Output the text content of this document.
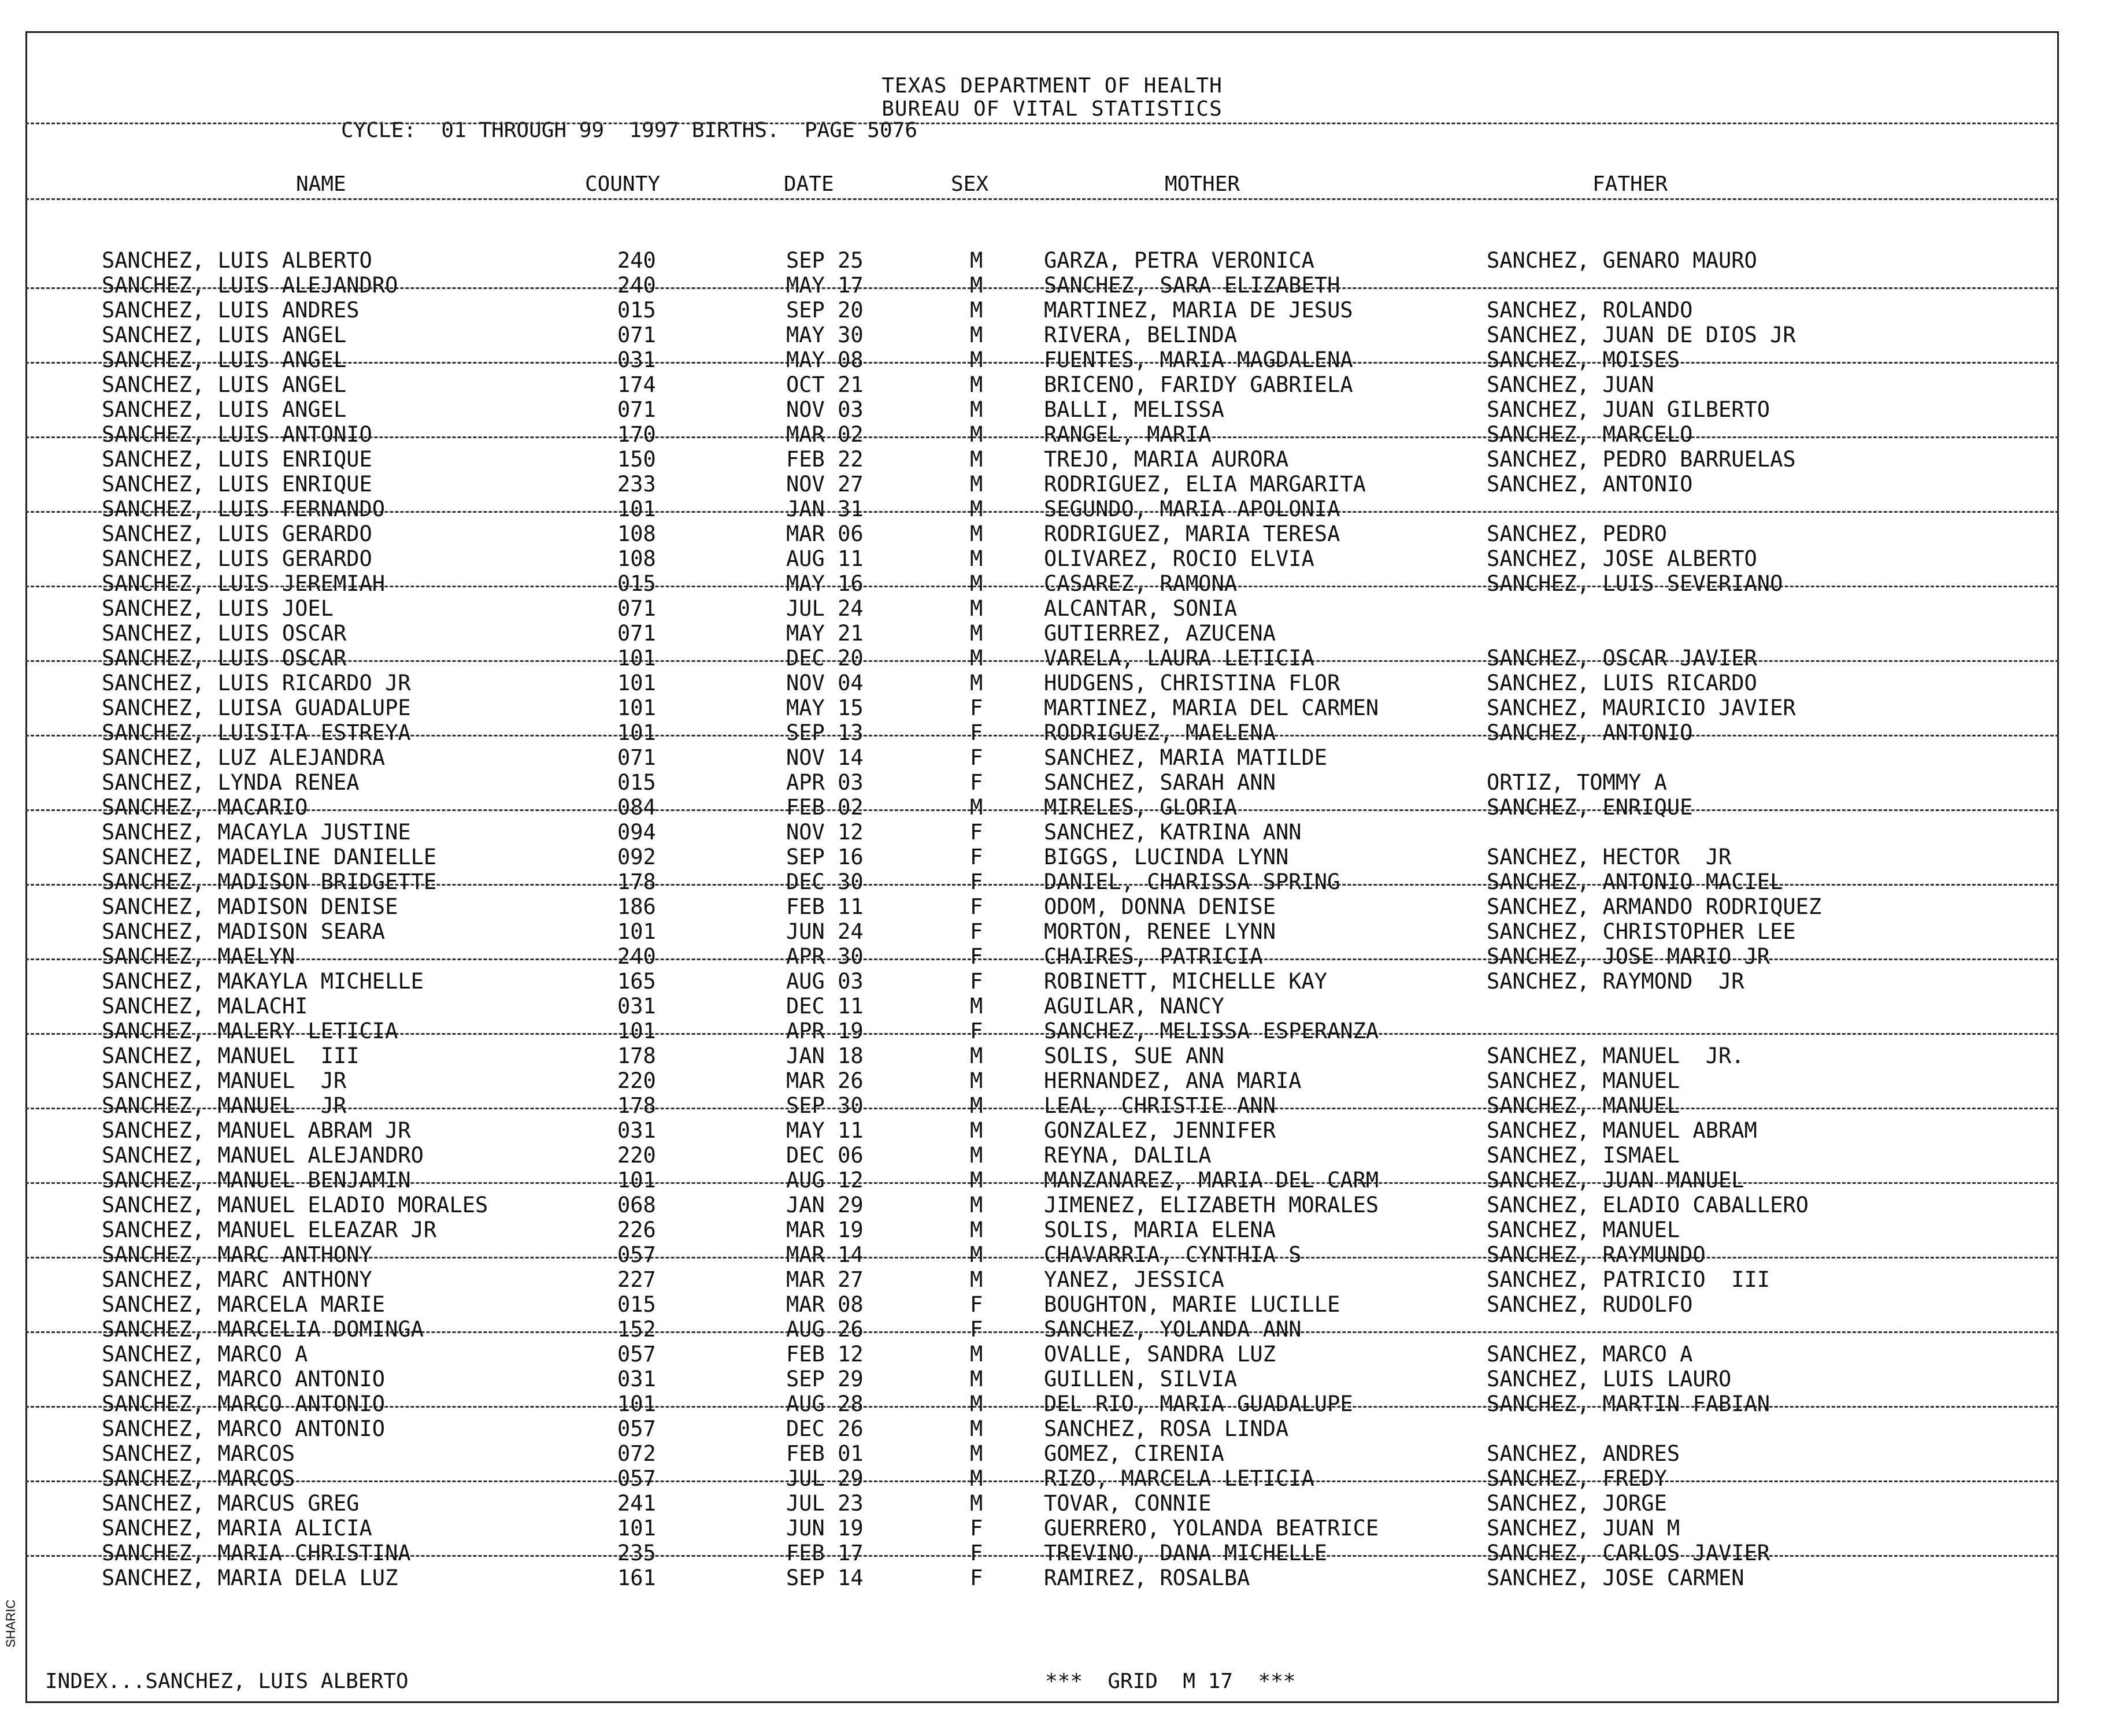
TEXAS DEPARTMENT OF HEALTH
BUREAU OF VITAL STATISTICS
CYCLE:  01 THROUGH 99  1997 BIRTHS.  PAGE 5076
NAME	COUNTY	DATE	SEX	MOTHER	FATHER
SANCHEZ, LUIS ALBERTO	240	SEP 25	M	GARZA, PETRA VERONICA	SANCHEZ, GENARO MAURO
SANCHEZ, LUIS ALEJANDRO	240	MAY 17	M	SANCHEZ, SARA ELIZABETH
SANCHEZ, LUIS ANDRES	015	SEP 20	M	MARTINEZ, MARIA DE JESUS	SANCHEZ, ROLANDO
SANCHEZ, LUIS ANGEL	071	MAY 30	M	RIVERA, BELINDA	SANCHEZ, JUAN DE DIOS JR
SANCHEZ, LUIS ANGEL	031	MAY 08	M	FUENTES, MARIA MAGDALENA	SANCHEZ, MOISES
SANCHEZ, LUIS ANGEL	174	OCT 21	M	BRICENO, FARIDY GABRIELA	SANCHEZ, JUAN
SANCHEZ, LUIS ANGEL	071	NOV 03	M	BALLI, MELISSA	SANCHEZ, JUAN GILBERTO
SANCHEZ, LUIS ANTONIO	170	MAR 02	M	RANGEL, MARIA	SANCHEZ, MARCELO
SANCHEZ, LUIS ENRIQUE	150	FEB 22	M	TREJO, MARIA AURORA	SANCHEZ, PEDRO BARRUELAS
SANCHEZ, LUIS ENRIQUE	233	NOV 27	M	RODRIGUEZ, ELIA MARGARITA	SANCHEZ, ANTONIO
SANCHEZ, LUIS FERNANDO	101	JAN 31	M	SEGUNDO, MARIA APOLONIA
SANCHEZ, LUIS GERARDO	108	MAR 06	M	RODRIGUEZ, MARIA TERESA	SANCHEZ, PEDRO
SANCHEZ, LUIS GERARDO	108	AUG 11	M	OLIVAREZ, ROCIO ELVIA	SANCHEZ, JOSE ALBERTO
SANCHEZ, LUIS JEREMIAH	015	MAY 16	M	CASAREZ, RAMONA	SANCHEZ, LUIS SEVERIANO
SANCHEZ, LUIS JOEL	071	JUL 24	M	ALCANTAR, SONIA
SANCHEZ, LUIS OSCAR	071	MAY 21	M	GUTIERREZ, AZUCENA
SANCHEZ, LUIS OSCAR	101	DEC 20	M	VARELA, LAURA LETICIA	SANCHEZ, OSCAR JAVIER
SANCHEZ, LUIS RICARDO JR	101	NOV 04	M	HUDGENS, CHRISTINA FLOR	SANCHEZ, LUIS RICARDO
SANCHEZ, LUISA GUADALUPE	101	MAY 15	F	MARTINEZ, MARIA DEL CARMEN	SANCHEZ, MAURICIO JAVIER
SANCHEZ, LUISITA ESTREYA	101	SEP 13	F	RODRIGUEZ, MAELENA	SANCHEZ, ANTONIO
SANCHEZ, LUZ ALEJANDRA	071	NOV 14	F	SANCHEZ, MARIA MATILDE
SANCHEZ, LYNDA RENEA	015	APR 03	F	SANCHEZ, SARAH ANN	ORTIZ, TOMMY A
SANCHEZ, MACARIO	084	FEB 02	M	MIRELES, GLORIA	SANCHEZ, ENRIQUE
SANCHEZ, MACAYLA JUSTINE	094	NOV 12	F	SANCHEZ, KATRINA ANN
SANCHEZ, MADELINE DANIELLE	092	SEP 16	F	BIGGS, LUCINDA LYNN	SANCHEZ, HECTOR  JR
SANCHEZ, MADISON BRIDGETTE	178	DEC 30	F	DANIEL, CHARISSA SPRING	SANCHEZ, ANTONIO MACIEL
SANCHEZ, MADISON DENISE	186	FEB 11	F	ODOM, DONNA DENISE	SANCHEZ, ARMANDO RODRIQUEZ
SANCHEZ, MADISON SEARA	101	JUN 24	F	MORTON, RENEE LYNN	SANCHEZ, CHRISTOPHER LEE
SANCHEZ, MAELYN	240	APR 30	F	CHAIRES, PATRICIA	SANCHEZ, JOSE MARIO JR
SANCHEZ, MAKAYLA MICHELLE	165	AUG 03	F	ROBINETT, MICHELLE KAY	SANCHEZ, RAYMOND  JR
SANCHEZ, MALACHI	031	DEC 11	M	AGUILAR, NANCY
SANCHEZ, MALERY LETICIA	101	APR 19	F	SANCHEZ, MELISSA ESPERANZA
SANCHEZ, MANUEL  III	178	JAN 18	M	SOLIS, SUE ANN	SANCHEZ, MANUEL  JR.
SANCHEZ, MANUEL  JR	220	MAR 26	M	HERNANDEZ, ANA MARIA	SANCHEZ, MANUEL
SANCHEZ, MANUEL  JR	178	SEP 30	M	LEAL, CHRISTIE ANN	SANCHEZ, MANUEL
SANCHEZ, MANUEL ABRAM JR	031	MAY 11	M	GONZALEZ, JENNIFER	SANCHEZ, MANUEL ABRAM
SANCHEZ, MANUEL ALEJANDRO	220	DEC 06	M	REYNA, DALILA	SANCHEZ, ISMAEL
SANCHEZ, MANUEL BENJAMIN	101	AUG 12	M	MANZANAREZ, MARIA DEL CARM	SANCHEZ, JUAN MANUEL
SANCHEZ, MANUEL ELADIO MORALES	068	JAN 29	M	JIMENEZ, ELIZABETH MORALES	SANCHEZ, ELADIO CABALLERO
SANCHEZ, MANUEL ELEAZAR JR	226	MAR 19	M	SOLIS, MARIA ELENA	SANCHEZ, MANUEL
SANCHEZ, MARC ANTHONY	057	MAR 14	M	CHAVARRIA, CYNTHIA S	SANCHEZ, RAYMUNDO
SANCHEZ, MARC ANTHONY	227	MAR 27	M	YANEZ, JESSICA	SANCHEZ, PATRICIO  III
SANCHEZ, MARCELA MARIE	015	MAR 08	F	BOUGHTON, MARIE LUCILLE	SANCHEZ, RUDOLFO
SANCHEZ, MARCELIA DOMINGA	152	AUG 26	F	SANCHEZ, YOLANDA ANN
SANCHEZ, MARCO A	057	FEB 12	M	OVALLE, SANDRA LUZ	SANCHEZ, MARCO A
SANCHEZ, MARCO ANTONIO	031	SEP 29	M	GUILLEN, SILVIA	SANCHEZ, LUIS LAURO
SANCHEZ, MARCO ANTONIO	101	AUG 28	M	DEL RIO, MARIA GUADALUPE	SANCHEZ, MARTIN FABIAN
SANCHEZ, MARCO ANTONIO	057	DEC 26	M	SANCHEZ, ROSA LINDA
SANCHEZ, MARCOS	072	FEB 01	M	GOMEZ, CIRENIA	SANCHEZ, ANDRES
SANCHEZ, MARCOS	057	JUL 29	M	RIZO, MARCELA LETICIA	SANCHEZ, FREDY
SANCHEZ, MARCUS GREG	241	JUL 23	M	TOVAR, CONNIE	SANCHEZ, JORGE
SANCHEZ, MARIA ALICIA	101	JUN 19	F	GUERRERO, YOLANDA BEATRICE	SANCHEZ, JUAN M
SANCHEZ, MARIA CHRISTINA	235	FEB 17	F	TREVINO, DANA MICHELLE	SANCHEZ, CARLOS JAVIER
SANCHEZ, MARIA DELA LUZ	161	SEP 14	F	RAMIREZ, ROSALBA	SANCHEZ, JOSE CARMEN
INDEX...SANCHEZ, LUIS ALBERTO	***  GRID  M 17  ***
SHARIC
